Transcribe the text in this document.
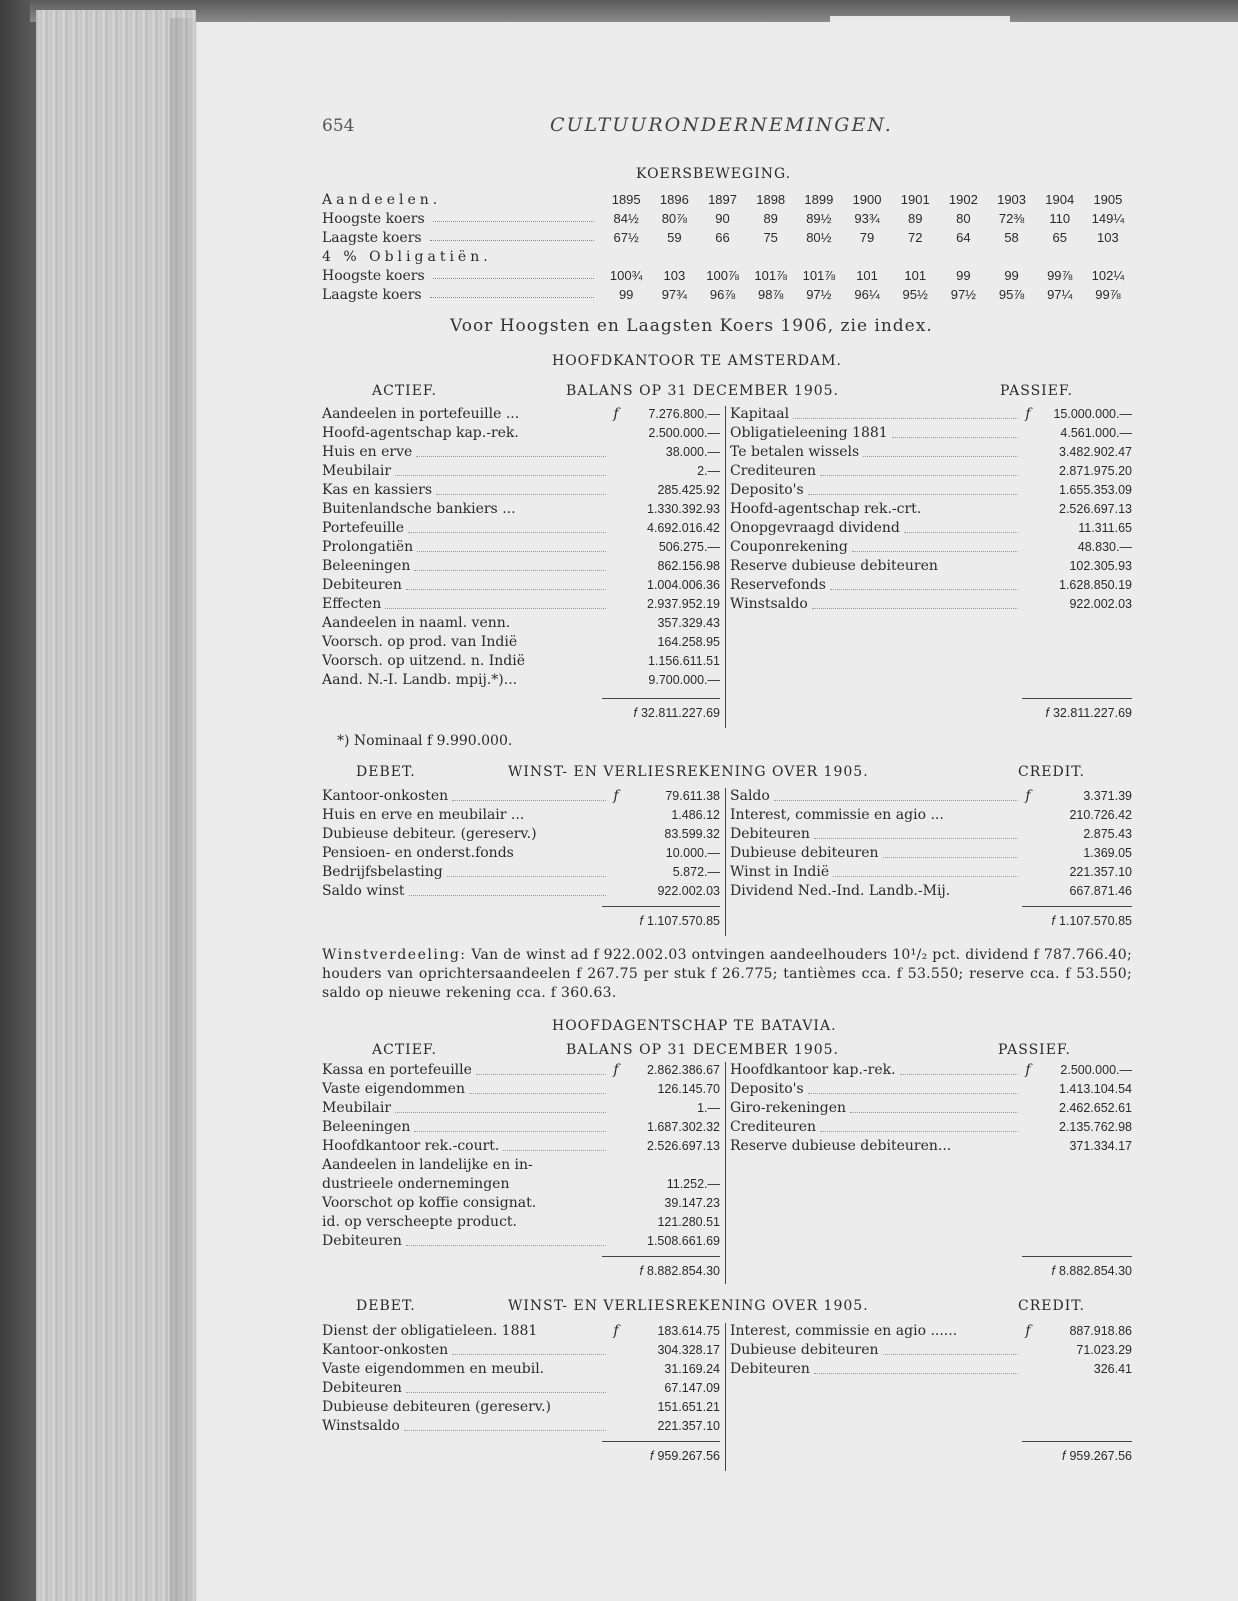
654	CULTUURONDERNEMINGEN.
KOERSBEWEGING.
Aandeelen.	1895	1896	1897	1898	1899	1900	1901	1902	1903	1904	1905
Hoogste koers	84½	80⅞	90	89	89½	93¾	89	80	72⅜	110	149¼
Laagste koers	67½	59	66	75	80½	79	72	64	58	65	103
4 % Obligatiën.
Hoogste koers	100¾	103	100⅞	101⅞	101⅞	101	101	99	99	99⅞	102¼
Laagste koers	99	97¾	96⅞	98⅞	97½	96¼	95½	97½	95⅞	97¼	99⅞
Voor Hoogsten en Laagsten Koers 1906, zie index.
HOOFDKANTOOR TE AMSTERDAM.
ACTIEF.	BALANS OP 31 DECEMBER 1905.	PASSIEF.
Aandeelen in portefeuille ...	f	7.276.800.—
Hoofd-agentschap kap.-rek.	2.500.000.—
Huis en erve	38.000.—
Meubilair	2.—
Kas en kassiers	285.425.92
Buitenlandsche bankiers ...	1.330.392.93
Portefeuille	4.692.016.42
Prolongatiën	506.275.—
Beleeningen	862.156.98
Debiteuren	1.004.006.36
Effecten	2.937.952.19
Aandeelen in naaml. venn.	357.329.43
Voorsch. op prod. van Indië	164.258.95
Voorsch. op uitzend. n. Indië	1.156.611.51
Aand. N.-I. Landb. mpij.*)...	9.700.000.—
Kapitaal	f	15.000.000.—
Obligatieleening 1881	4.561.000.—
Te betalen wissels	3.482.902.47
Crediteuren	2.871.975.20
Deposito's	1.655.353.09
Hoofd-agentschap rek.-crt.	2.526.697.13
Onopgevraagd dividend	11.311.65
Couponrekening	48.830.—
Reserve dubieuse debiteuren	102.305.93
Reservefonds	1.628.850.19
Winstsaldo	922.002.03
f 32.811.227.69	f 32.811.227.69
*) Nominaal f 9.990.000.
DEBET.	WINST- EN VERLIESREKENING OVER 1905.	CREDIT.
Kantoor-onkosten	f	79.611.38
Huis en erve en meubilair ...	1.486.12
Dubieuse debiteur. (gereserv.)	83.599.32
Pensioen- en onderst.fonds	10.000.—
Bedrijfsbelasting	5.872.—
Saldo winst	922.002.03
Saldo	f	3.371.39
Interest, commissie en agio ...	210.726.42
Debiteuren	2.875.43
Dubieuse debiteuren	1.369.05
Winst in Indië	221.357.10
Dividend Ned.-Ind. Landb.-Mij.	667.871.46
f 1.107.570.85	f 1.107.570.85
Winstverdeeling: Van de winst ad f 922.002.03 ontvingen aandeelhouders 10¹/₂ pct. dividend f 787.766.40; houders van oprichtersaandeelen f 267.75 per stuk f 26.775; tantièmes cca. f 53.550; reserve cca. f 53.550; saldo op nieuwe rekening cca. f 360.63.
HOOFDAGENTSCHAP TE BATAVIA.
ACTIEF.	BALANS OP 31 DECEMBER 1905.	PASSIEF.
Kassa en portefeuille	f	2.862.386.67
Vaste eigendommen	126.145.70
Meubilair	1.—
Beleeningen	1.687.302.32
Hoofdkantoor rek.-court.	2.526.697.13
Aandeelen in landelijke en in-
dustrieele ondernemingen	11.252.—
Voorschot op koffie consignat.	39.147.23
id. op verscheepte product.	121.280.51
Debiteuren	1.508.661.69
Hoofdkantoor kap.-rek.	f	2.500.000.—
Deposito's	1.413.104.54
Giro-rekeningen	2.462.652.61
Crediteuren	2.135.762.98
Reserve dubieuse debiteuren...	371.334.17
f 8.882.854.30	f 8.882.854.30
DEBET.	WINST- EN VERLIESREKENING OVER 1905.	CREDIT.
Dienst der obligatieleen. 1881	f	183.614.75
Kantoor-onkosten	304.328.17
Vaste eigendommen en meubil.	31.169.24
Debiteuren	67.147.09
Dubieuse debiteuren (gereserv.)	151.651.21
Winstsaldo	221.357.10
Interest, commissie en agio ......	f	887.918.86
Dubieuse debiteuren	71.023.29
Debiteuren	326.41
f 959.267.56	f 959.267.56
